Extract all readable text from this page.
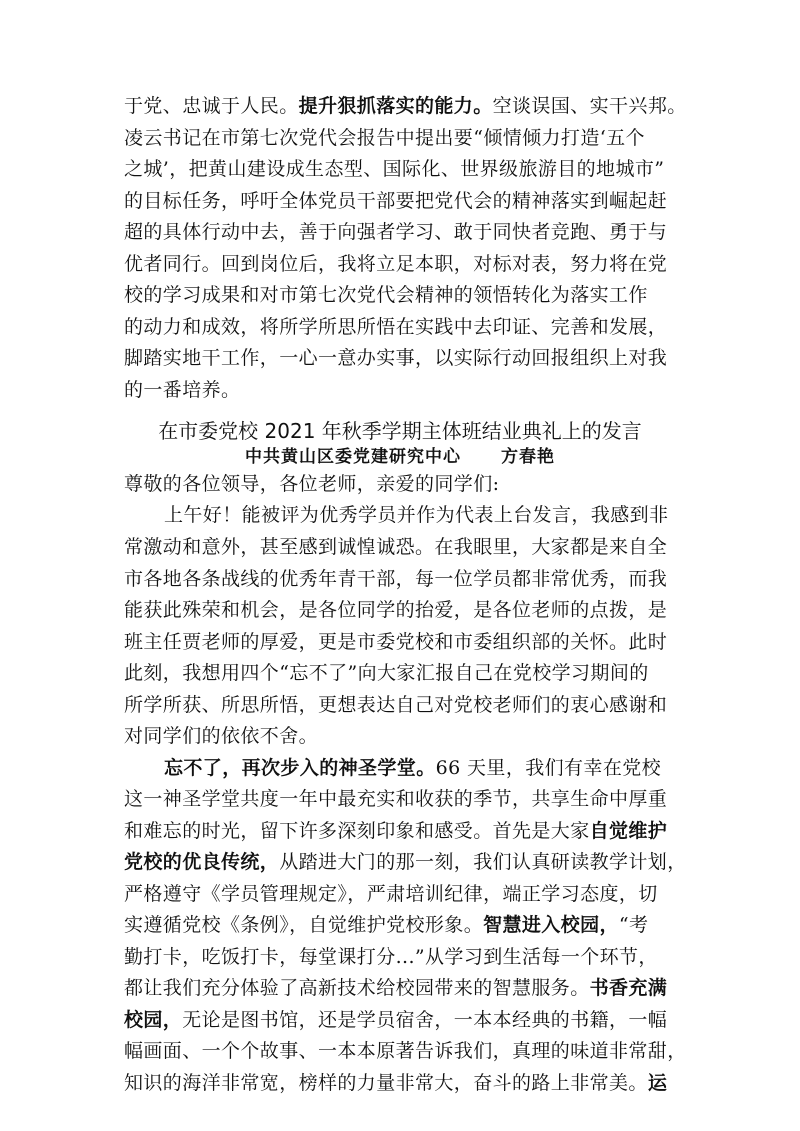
于党、忠诚于人民。提升狠抓落实的能力。空谈误国、实干兴邦。
凌云书记在市第七次党代会报告中提出要“倾情倾力打造‘五个
之城’，把黄山建设成生态型、国际化、世界级旅游目的地城市”
的目标任务，呼吁全体党员干部要把党代会的精神落实到崛起赶
超的具体行动中去，善于向强者学习、敢于同快者竞跑、勇于与
优者同行。回到岗位后，我将立足本职，对标对表，努力将在党
校的学习成果和对市第七次党代会精神的领悟转化为落实工作
的动力和成效，将所学所思所悟在实践中去印证、完善和发展，
脚踏实地干工作，一心一意办实事，以实际行动回报组织上对我
的一番培养。
在市委党校 2021 年秋季学期主体班结业典礼上的发言
中共黄山区委党建研究中心 方春艳
尊敬的各位领导，各位老师，亲爱的同学们:
上午好！能被评为优秀学员并作为代表上台发言，我感到非
常激动和意外，甚至感到诚惶诚恐。在我眼里，大家都是来自全
市各地各条战线的优秀年青干部，每一位学员都非常优秀，而我
能获此殊荣和机会，是各位同学的抬爱，是各位老师的点拨，是
班主任贾老师的厚爱，更是市委党校和市委组织部的关怀。此时
此刻，我想用四个“忘不了”向大家汇报自己在党校学习期间的
所学所获、所思所悟，更想表达自己对党校老师们的衷心感谢和
对同学们的依依不舍。
忘不了，再次步入的神圣学堂。66 天里，我们有幸在党校
这一神圣学堂共度一年中最充实和收获的季节，共享生命中厚重
和难忘的时光，留下许多深刻印象和感受。首先是大家自觉维护
党校的优良传统，从踏进大门的那一刻，我们认真研读教学计划，
严格遵守《学员管理规定》，严肃培训纪律，端正学习态度，切
实遵循党校《条例》，自觉维护党校形象。智慧进入校园，“考
勤打卡，吃饭打卡，每堂课打分...”从学习到生活每一个环节，
都让我们充分体验了高新技术给校园带来的智慧服务。书香充满
校园，无论是图书馆，还是学员宿舍，一本本经典的书籍，一幅
幅画面、一个个故事、一本本原著告诉我们，真理的味道非常甜，
知识的海洋非常宽，榜样的力量非常大，奋斗的路上非常美。运
